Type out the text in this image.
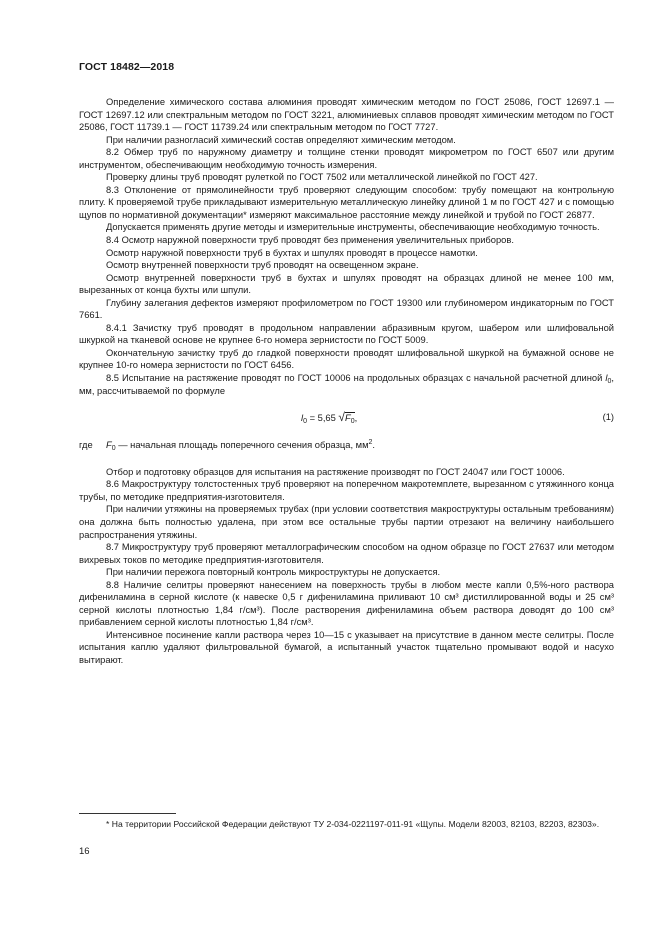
ГОСТ 18482—2018

Определение химического состава алюминия проводят химическим методом по ГОСТ 25086, ГОСТ 12697.1 — ГОСТ 12697.12 или спектральным методом по ГОСТ 3221, алюминиевых сплавов проводят химическим методом по ГОСТ 25086, ГОСТ 11739.1 — ГОСТ 11739.24 или спектральным методом по ГОСТ 7727.

При наличии разногласий химический состав определяют химическим методом.

8.2 Обмер труб по наружному диаметру и толщине стенки проводят микрометром по ГОСТ 6507 или другим инструментом, обеспечивающим необходимую точность измерения.

Проверку длины труб проводят рулеткой по ГОСТ 7502 или металлической линейкой по ГОСТ 427.

8.3 Отклонение от прямолинейности труб проверяют следующим способом: трубу помещают на контрольную плиту. К проверяемой трубе прикладывают измерительную металлическую линейку длиной 1 м по ГОСТ 427 и с помощью щупов по нормативной документации* измеряют максимальное расстояние между линейкой и трубой по ГОСТ 26877.

Допускается применять другие методы и измерительные инструменты, обеспечивающие необходимую точность.

8.4 Осмотр наружной поверхности труб проводят без применения увеличительных приборов.

Осмотр наружной поверхности труб в бухтах и шпулях проводят в процессе намотки.

Осмотр внутренней поверхности труб проводят на освещенном экране.

Осмотр внутренней поверхности труб в бухтах и шпулях проводят на образцах длиной не менее 100 мм, вырезанных от конца бухты или шпули.

Глубину залегания дефектов измеряют профилометром по ГОСТ 19300 или глубиномером индикаторным по ГОСТ 7661.

8.4.1 Зачистку труб проводят в продольном направлении абразивным кругом, шабером или шлифовальной шкуркой на тканевой основе не крупнее 6-го номера зернистости по ГОСТ 5009.

Окончательную зачистку труб до гладкой поверхности проводят шлифовальной шкуркой на бумажной основе не крупнее 10-го номера зернистости по ГОСТ 6456.

8.5 Испытание на растяжение проводят по ГОСТ 10006 на продольных образцах с начальной расчетной длиной $l_0$, мм, рассчитываемой по формуле

$l_0 = 5,65$ $√F_0$,	(1)
где $F_0$ — начальная площадь поперечного сечения образца, $мм^2$.

Отбор и подготовку образцов для испытания на растяжение производят по ГОСТ 24047 или ГОСТ 10006.

8.6 Макроструктуру толстостенных труб проверяют на поперечном макротемплете, вырезанном с утяжинного конца трубы, по методике предприятия-изготовителя.

При наличии утяжины на проверяемых трубах (при условии соответствия макроструктуры остальным требованиям) она должна быть полностью удалена, при этом все остальные трубы партии отрезают на величину наибольшего распространения утяжины.

8.7 Микроструктуру труб проверяют металлографическим способом на одном образце по ГОСТ 27637 или методом вихревых токов по методике предприятия-изготовителя.

При наличии пережога повторный контроль микроструктуры не допускается.

8.8 Наличие селитры проверяют нанесением на поверхность трубы в любом месте капли 0,5%-ного раствора дифениламина в серной кислоте (к навеске 0,5 г дифениламина приливают 10 см³ дистиллированной воды и 25 см³ серной кислоты плотностью 1,84 г/см³). После растворения дифениламина объем раствора доводят до 100 см³ прибавлением серной кислоты плотностью 1,84 г/см³.

Интенсивное посинение капли раствора через 10—15 с указывает на присутствие в данном месте селитры. После испытания каплю удаляют фильтровальной бумагой, а испытанный участок тщательно промывают водой и насухо вытирают.

* На территории Российской Федерации действуют ТУ 2-034-0221197-011-91 «Щупы. Модели 82003, 82103, 82203, 82303».
16
